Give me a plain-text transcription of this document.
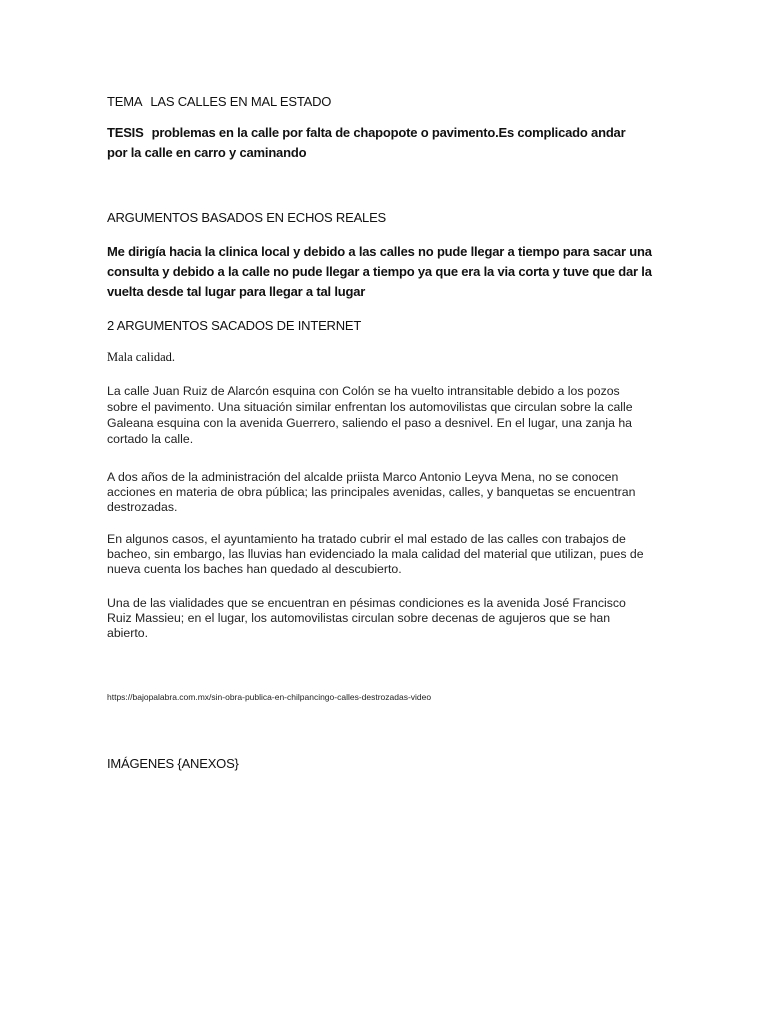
TEMA LAS CALLES EN MAL ESTADO

TESIS problemas en la calle por falta de chapopote o pavimento.Es complicado andar por la calle en carro y caminando

ARGUMENTOS BASADOS EN ECHOS REALES

Me dirigía hacia la clinica local y debido a las calles no pude llegar a tiempo para sacar una consulta y debido a la calle no pude llegar a tiempo ya que era la via corta y tuve que dar la vuelta desde tal lugar para llegar a tal lugar

2 ARGUMENTOS SACADOS DE INTERNET

Mala calidad.

La calle Juan Ruiz de Alarcón esquina con Colón se ha vuelto intransitable debido a los pozos sobre el pavimento. Una situación similar enfrentan los automovilistas que circulan sobre la calle Galeana esquina con la avenida Guerrero, saliendo el paso a desnivel. En el lugar, una zanja ha cortado la calle.

A dos años de la administración del alcalde priista Marco Antonio Leyva Mena, no se conocen acciones en materia de obra pública; las principales avenidas, calles, y banquetas se encuentran destrozadas.

En algunos casos, el ayuntamiento ha tratado cubrir el mal estado de las calles con trabajos de bacheo, sin embargo, las lluvias han evidenciado la mala calidad del material que utilizan, pues de nueva cuenta los baches han quedado al descubierto.

Una de las vialidades que se encuentran en pésimas condiciones es la avenida José Francisco Ruiz Massieu; en el lugar, los automovilistas circulan sobre decenas de agujeros que se han abierto.

https://bajopalabra.com.mx/sin-obra-publica-en-chilpancingo-calles-destrozadas-video

IMÁGENES {ANEXOS}
